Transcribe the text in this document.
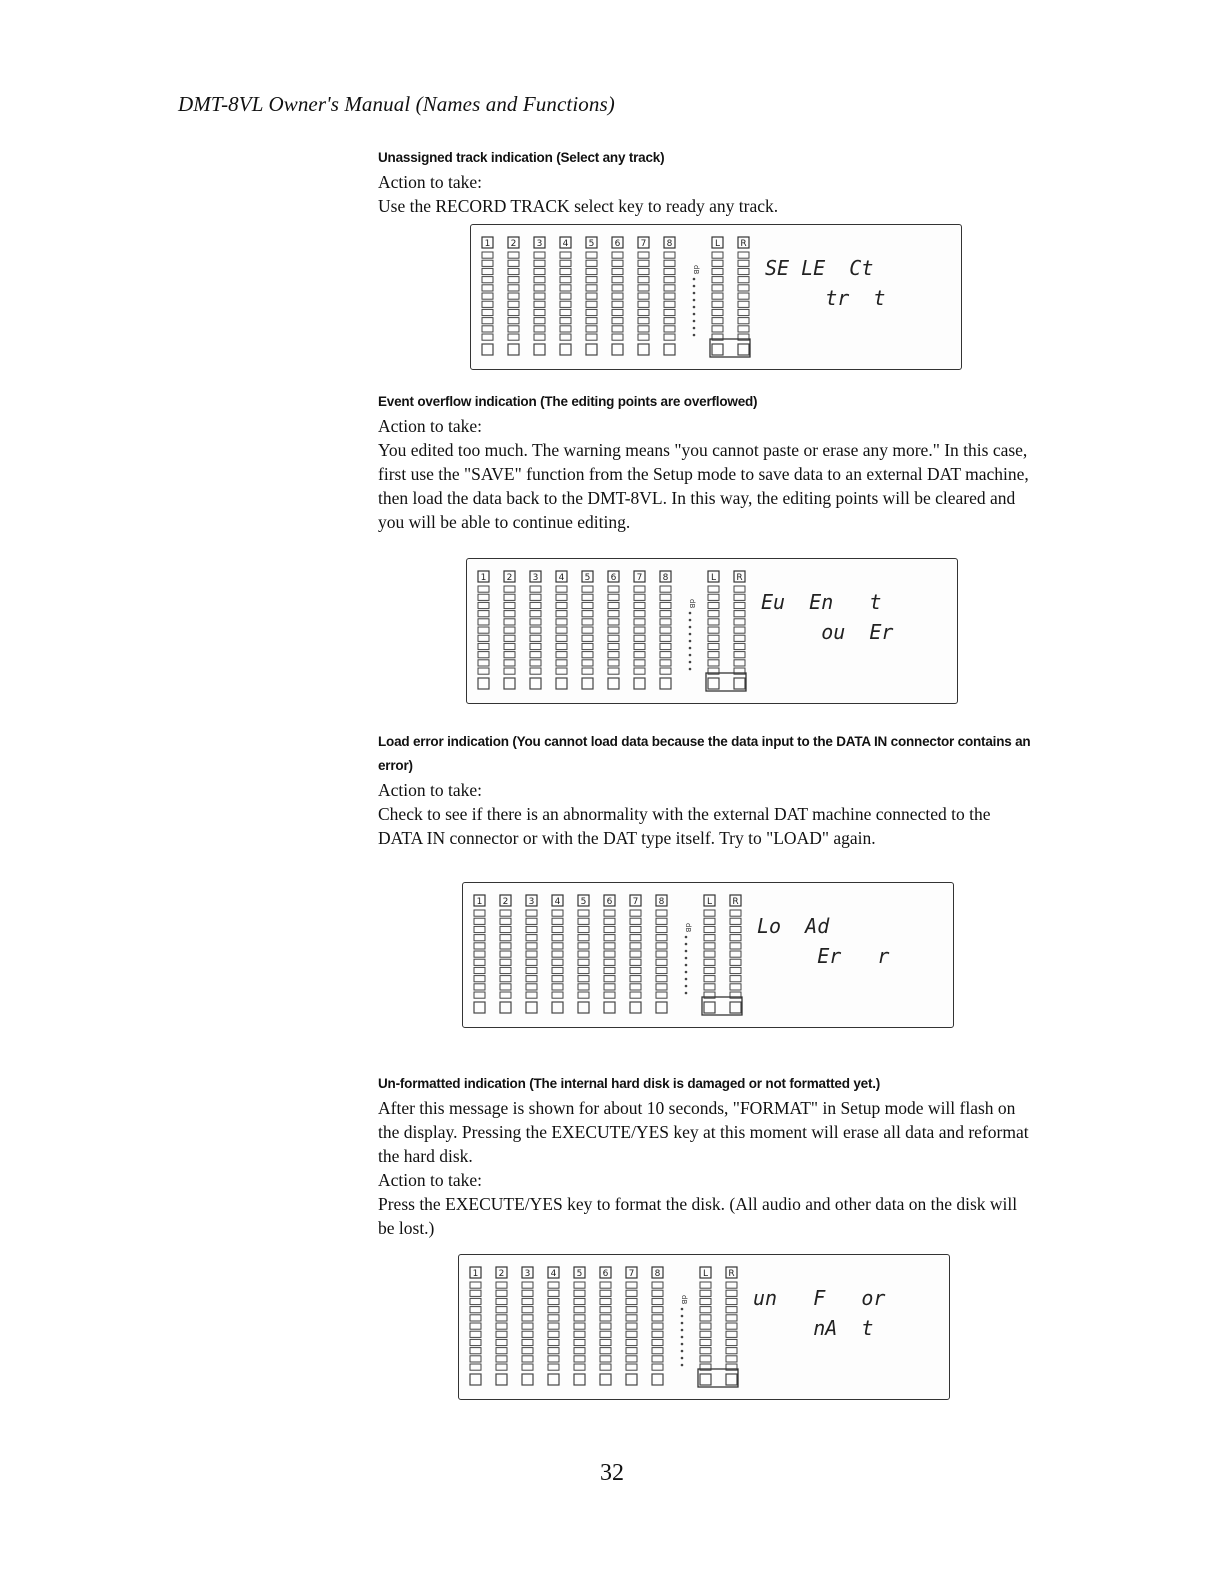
DMT-8VL Owner's Manual (Names and Functions)
Unassigned track indication (Select any track)
Action to take:
Use the RECORD TRACK select key to ready any track.
1 2 3 4 5 6 7 8	L R
dB	SE LE  Ct
tr  t
Event overflow indication (The editing points are overflowed)
Action to take:
You edited too much. The warning means "you cannot paste or erase any more." In this case, first use the "SAVE" function from the Setup mode to save data to an external DAT machine, then load the data back to the DMT-8VL. In this way, the editing points will be cleared and you will be able to continue editing.
1 2 3 4 5 6 7 8	L R
dB	Eu  En   t
ou  Er
Load error indication (You cannot load data because the data input to the DATA IN connector contains an error)
Action to take:
Check to see if there is an abnormality with the external DAT machine connected to the DATA IN connector or with the DAT type itself. Try to "LOAD" again.
1 2 3 4 5 6 7 8	L R
dB	Lo  Ad
Er   r
Un-formatted indication (The internal hard disk is damaged or not formatted yet.)
After this message is shown for about 10 seconds, "FORMAT" in Setup mode will flash on the display. Pressing the EXECUTE/YES key at this moment will erase all data and reformat the hard disk.
Action to take:
Press the EXECUTE/YES key to format the disk. (All audio and other data on the disk will be lost.)
1 2 3 4 5 6 7 8	L R
dB	un   F   or
nA  t
32
